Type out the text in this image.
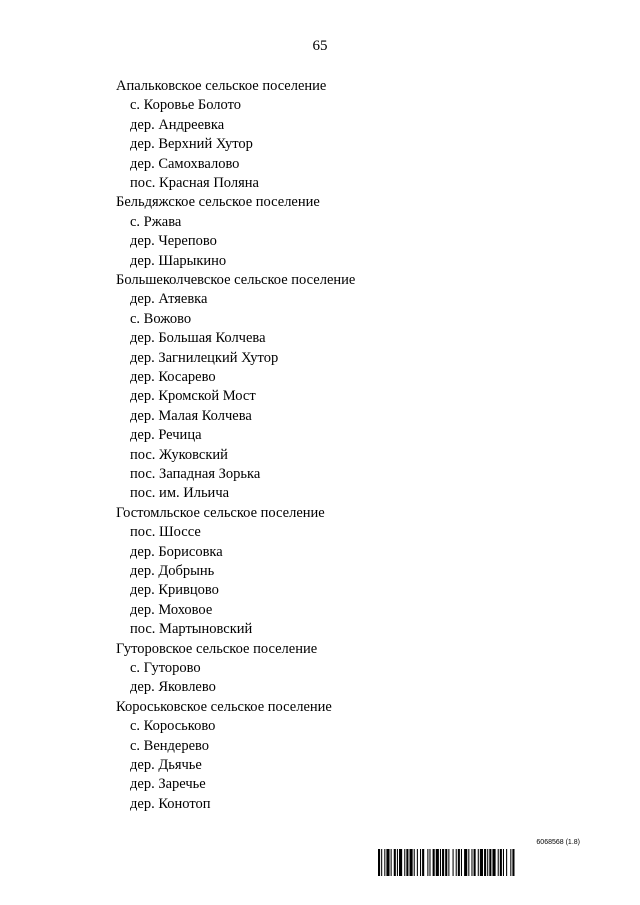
65
Апальковское сельское поселение
с. Коровье Болото
дер. Андреевка
дер. Верхний Хутор
дер. Самохвалово
пос. Красная Поляна
Бельдяжское сельское поселение
с. Ржава
дер. Черепово
дер. Шарыкино
Большеколчевское сельское поселение
дер. Атяевка
с. Вожово
дер. Большая Колчева
дер. Загнилецкий Хутор
дер. Косарево
дер. Кромской Мост
дер. Малая Колчева
дер. Речица
пос. Жуковский
пос. Западная Зорька
пос. им. Ильича
Гостомльское сельское поселение
пос. Шоссе
дер. Борисовка
дер. Добрынь
дер. Кривцово
дер. Моховое
пос. Мартыновский
Гуторовское сельское поселение
с. Гуторово
дер. Яковлево
Короськовское сельское поселение
с. Короськово
с. Вендерево
дер. Дьячье
дер. Заречье
дер. Конотоп
6068568 (1.8)
